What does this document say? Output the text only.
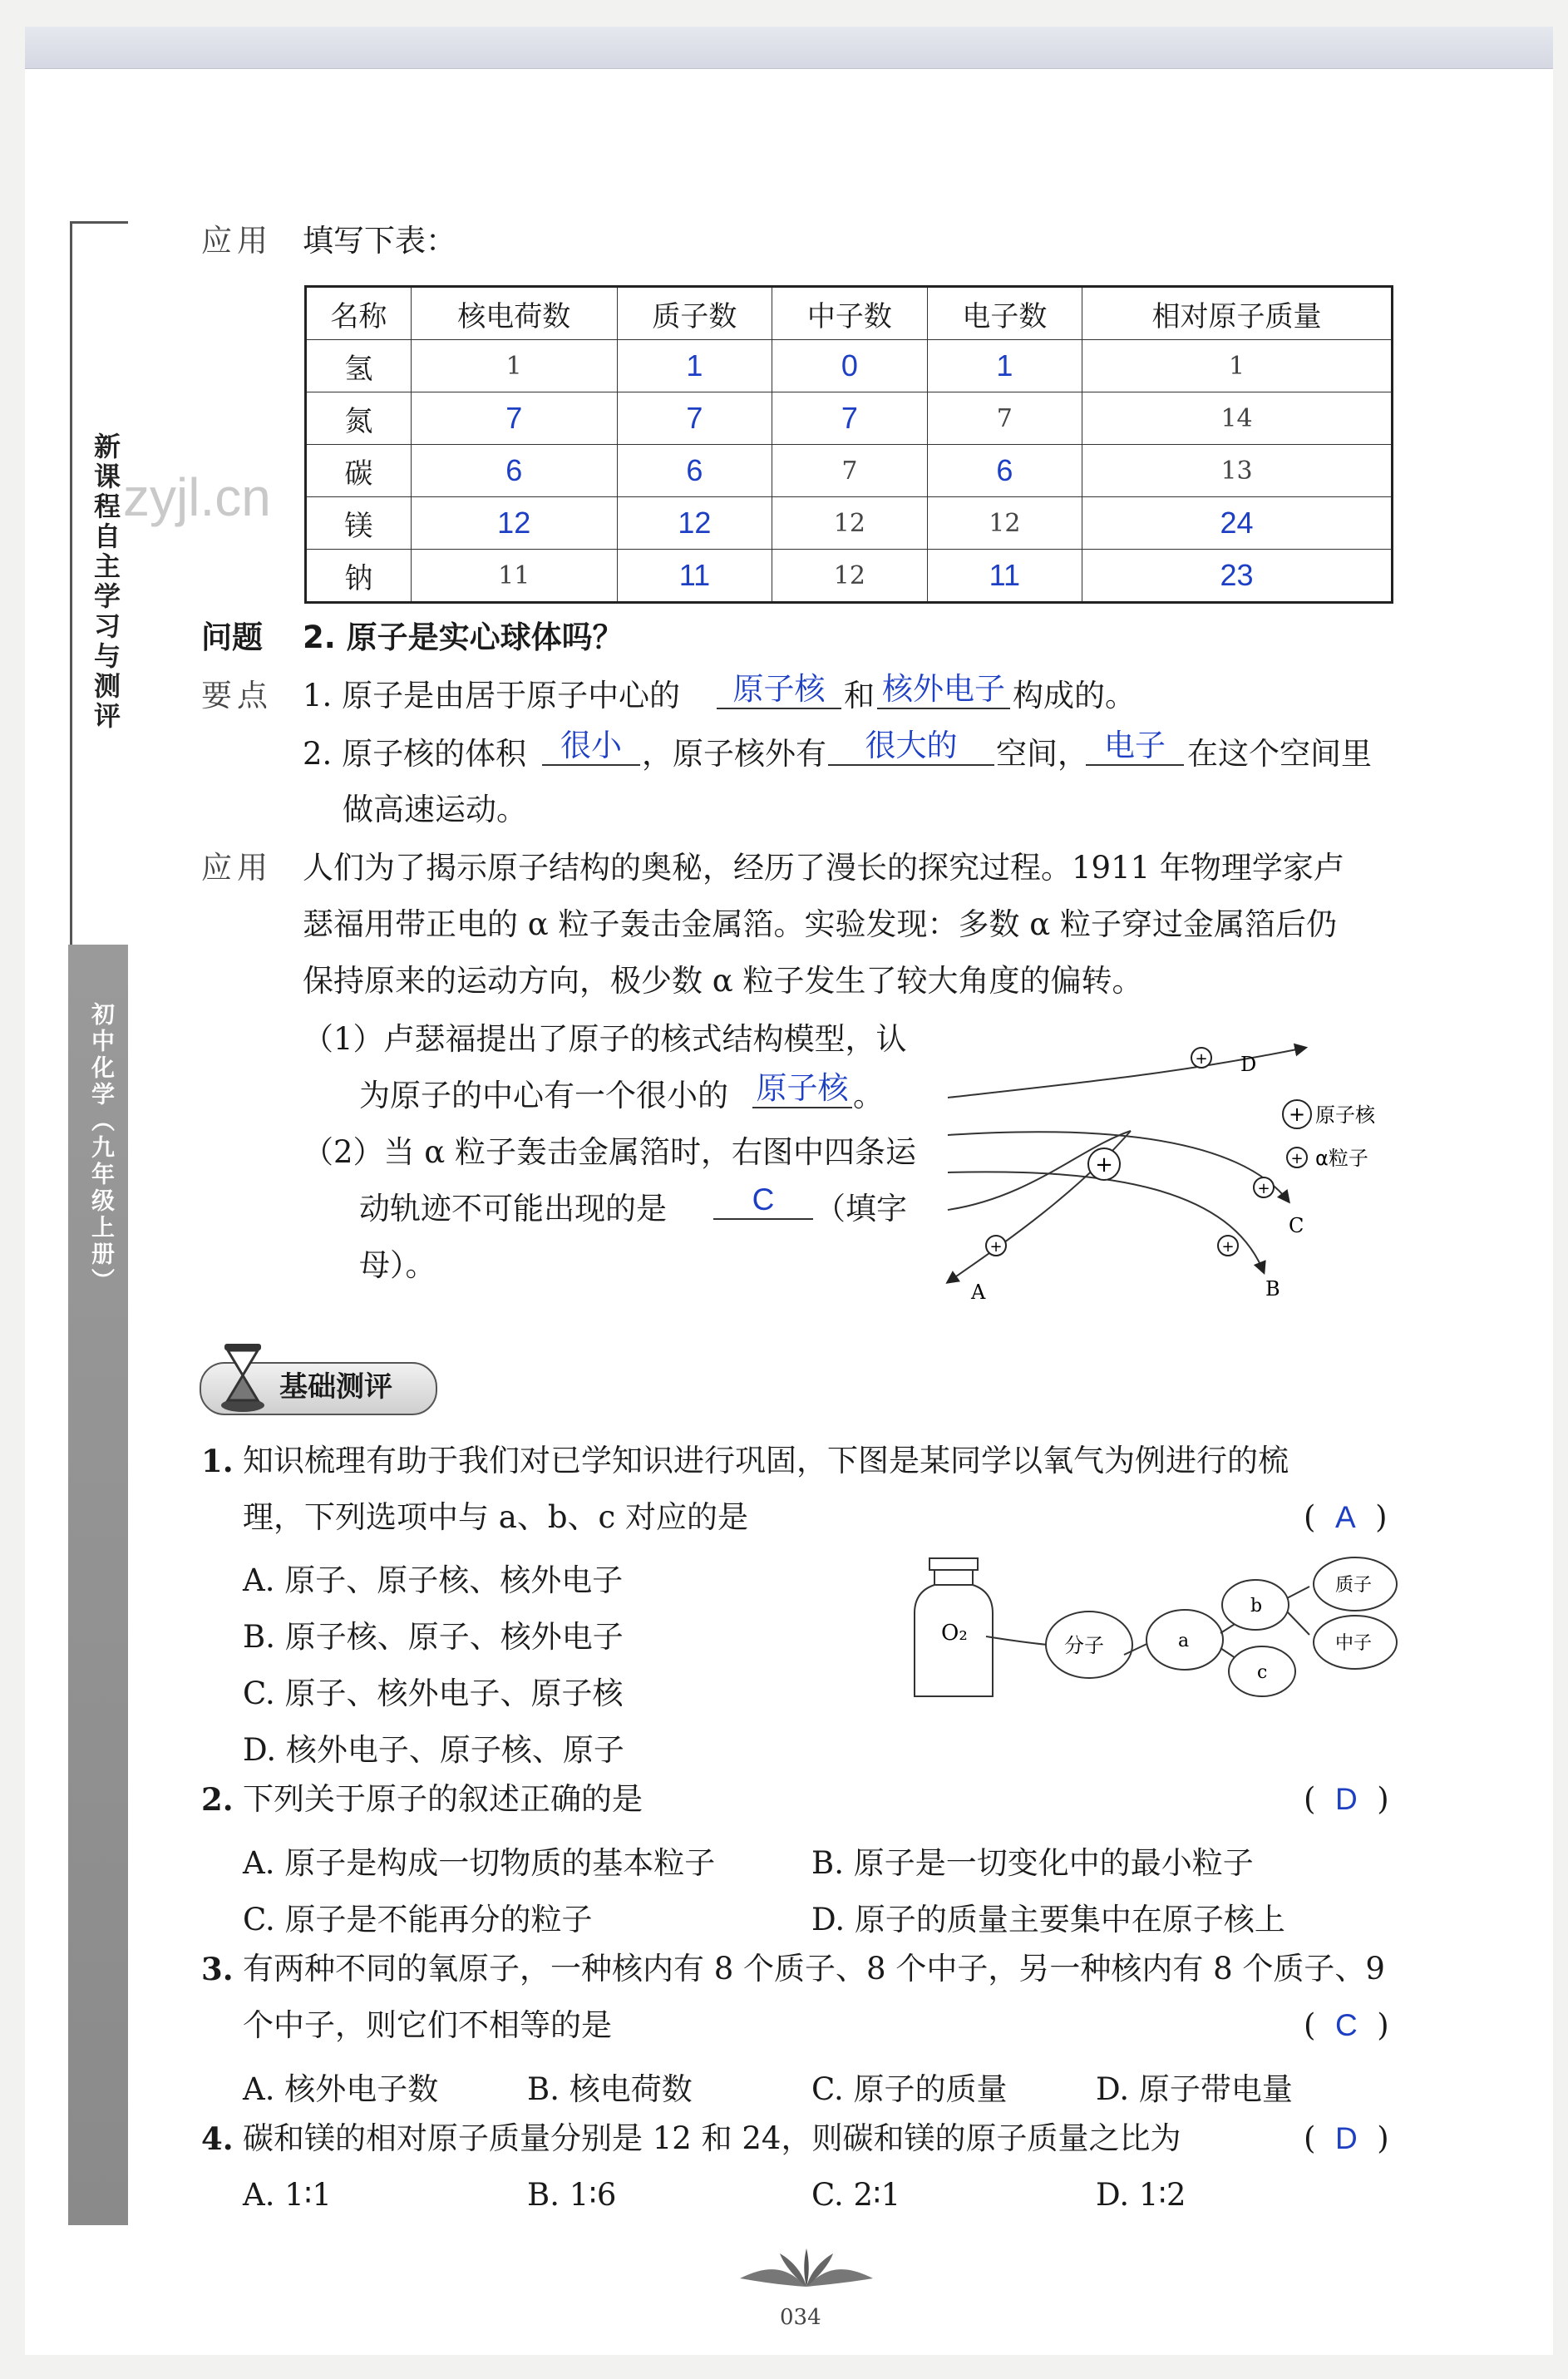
新课程自主学习与测评 zyjl.cn
初中化学（九年级上册）
应用 填写下表：
名称	核电荷数	质子数	中子数	电子数	相对原子质量
氢	1	1	0	1	1
氮	7	7	7	7	14
碳	6	6	7	6	13
镁	12	12	12	12	24
钠	11	11	12	11	23
问题 2. 原子是实心球体吗？
要点 1. 原子是由居于原子中心的	原子核 和 核外电子 构成的。
2. 原子核的体积	很小 ，原子核外有	很大的	空间， 电子 在这个空间里
做高速运动。
应用 人们为了揭示原子结构的奥秘，经历了漫长的探究过程。1911 年物理学家卢
瑟福用带正电的 α 粒子轰击金属箔。实验发现：多数 α 粒子穿过金属箔后仍
保持原来的运动方向，极少数 α 粒子发生了较大角度的偏转。
（1）卢瑟福提出了原子的核式结构模型，认
为原子的中心有一个很小的 原子核 。
（2）当 α 粒子轰击金属箔时，右图中四条运
动轨迹不可能出现的是	C	（填字
母）。
+
+
+
+
+
D
C
B
A
+ 原子核
+ α粒子
基础测评
1. 知识梳理有助于我们对已学知识进行巩固，下图是某同学以氧气为例进行的梳
理，下列选项中与 a、b、c 对应的是	(  A  )
A. 原子、原子核、核外电子
B. 原子核、原子、核外电子
C. 原子、核外电子、原子核
D. 核外电子、原子核、原子
O₂	分子	a
b
c
质子
中子
2. 下列关于原子的叙述正确的是	(  D  )
A. 原子是构成一切物质的基本粒子	B. 原子是一切变化中的最小粒子
C. 原子是不能再分的粒子	D. 原子的质量主要集中在原子核上
3. 有两种不同的氧原子，一种核内有 8 个质子、8 个中子，另一种核内有 8 个质子、9
个中子，则它们不相等的是	(  C  )
A. 核外电子数	B. 核电荷数	C. 原子的质量	D. 原子带电量
4. 碳和镁的相对原子质量分别是 12 和 24，则碳和镁的原子质量之比为	(  D  )
A. 1∶1	B. 1∶6	C. 2∶1	D. 1∶2
034
